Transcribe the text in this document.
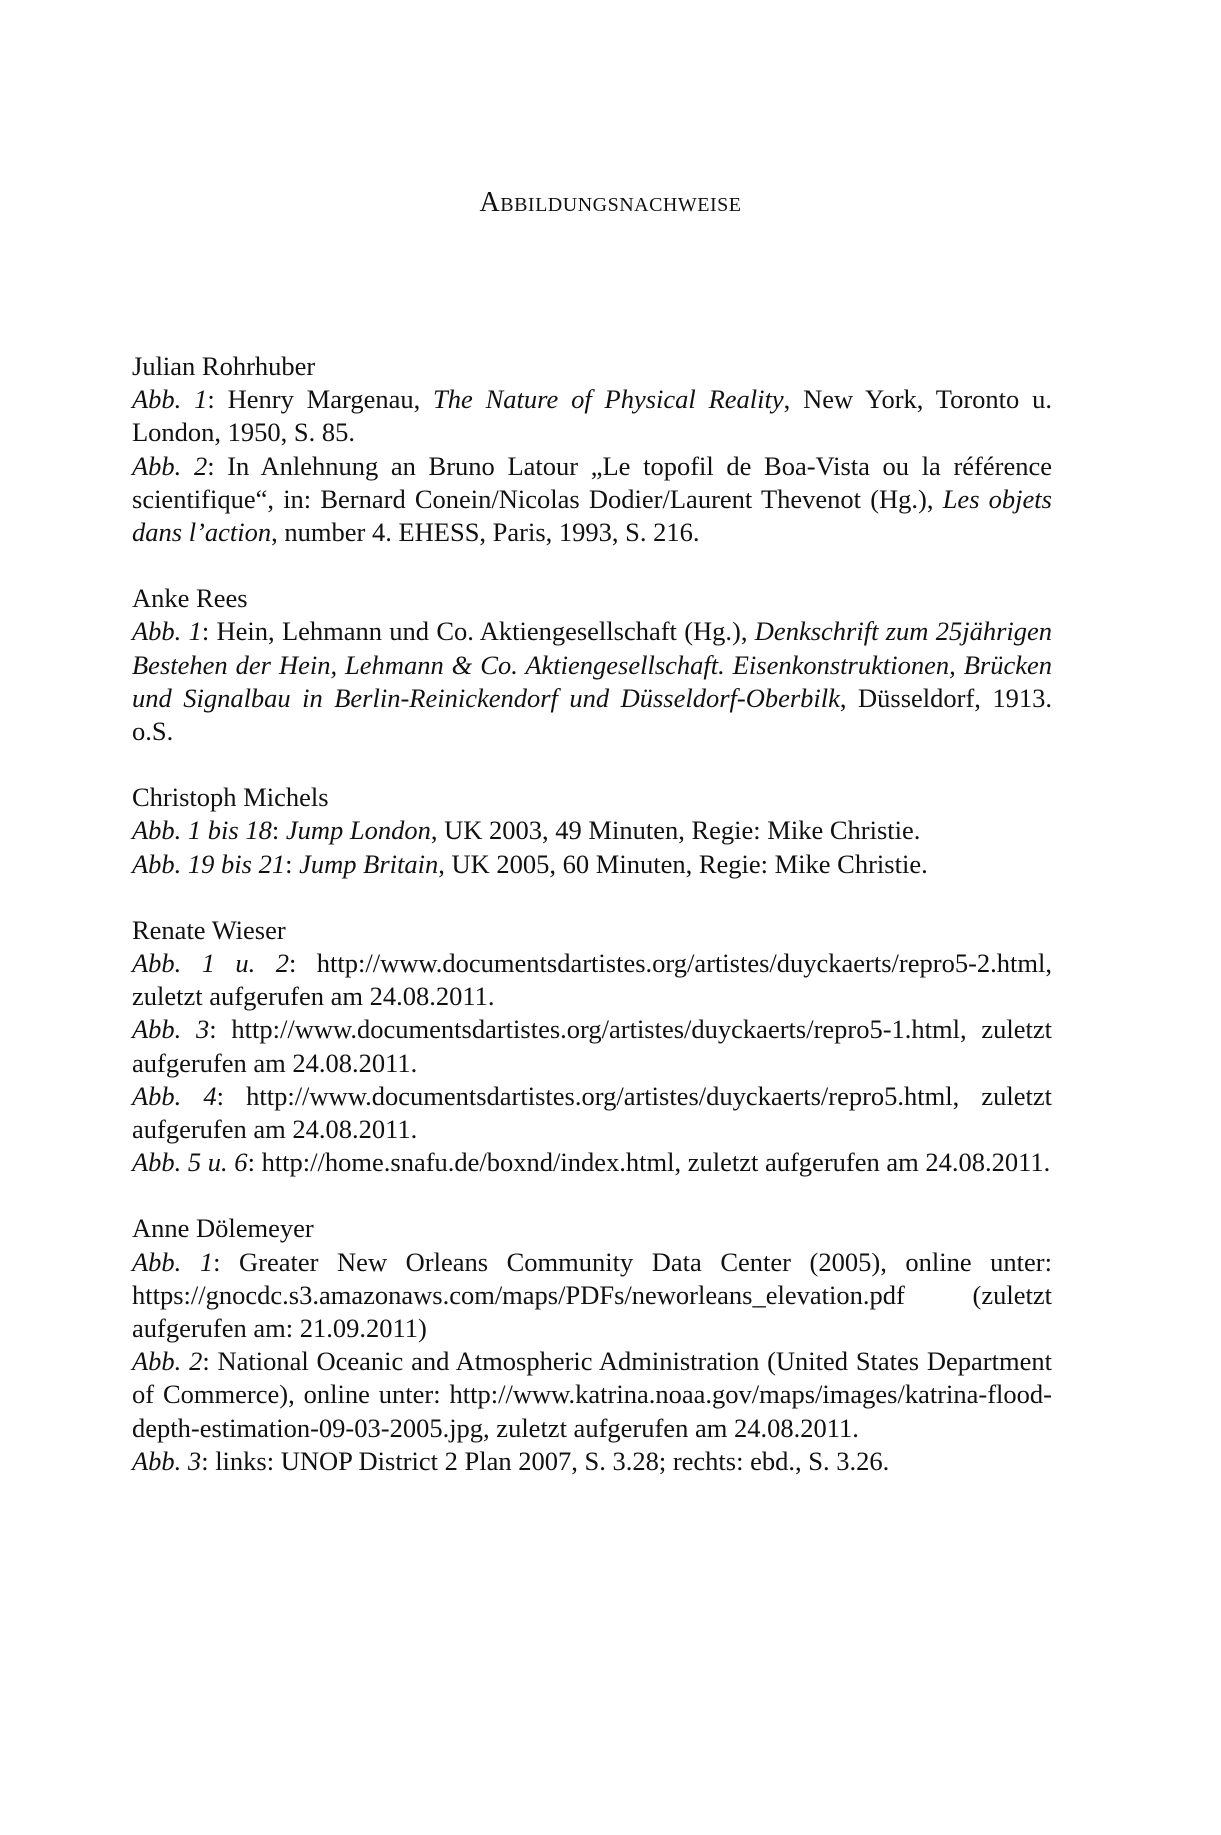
Abbildungsnachweise

Julian Rohrhuber

Abb. 1: Henry Margenau, The Nature of Physical Reality, New York, Toronto u. London, 1950, S. 85.

Abb. 2: In Anlehnung an Bruno Latour „Le topofil de Boa-Vista ou la référence scientifique“, in: Bernard Conein/Nicolas Dodier/Laurent Thevenot (Hg.), Les objets dans l’action, number 4. EHESS, Paris, 1993, S. 216.

Anke Rees

Abb. 1: Hein, Lehmann und Co. Aktiengesellschaft (Hg.), Denkschrift zum 25jährigen Bestehen der Hein, Lehmann & Co. Aktiengesellschaft. Eisenkonstruktionen, Brücken und Signalbau in Berlin-Reinickendorf und Düsseldorf-Oberbilk, Düsseldorf, 1913. o.S.

Christoph Michels

Abb. 1 bis 18: Jump London, UK 2003, 49 Minuten, Regie: Mike Christie.

Abb. 19 bis 21: Jump Britain, UK 2005, 60 Minuten, Regie: Mike Christie.

Renate Wieser

Abb. 1 u. 2: http://www.documentsdartistes.org/artistes/duyckaerts/repro5-2.html, zuletzt aufgerufen am 24.08.2011.

Abb. 3: http://www.documentsdartistes.org/artistes/duyckaerts/repro5-1.html, zuletzt aufgerufen am 24.08.2011.

Abb. 4: http://www.documentsdartistes.org/artistes/duyckaerts/repro5.html, zuletzt aufgerufen am 24.08.2011.

Abb. 5 u. 6: http://home.snafu.de/boxnd/index.html, zuletzt aufgerufen am 24.08.2011.

Anne Dölemeyer

Abb. 1: Greater New Orleans Community Data Center (2005), online unter: https://gnocdc.s3.amazonaws.com/maps/PDFs/neworleans_elevation.pdf (zuletzt aufgerufen am: 21.09.2011)

Abb. 2: National Oceanic and Atmospheric Administration (United States Department of Commerce), online unter: http://www.katrina.noaa.gov/maps/images/katrina-flood-depth-estimation-09-03-2005.jpg, zuletzt aufgerufen am 24.08.2011.

Abb. 3: links: UNOP District 2 Plan 2007, S. 3.28; rechts: ebd., S. 3.26.
